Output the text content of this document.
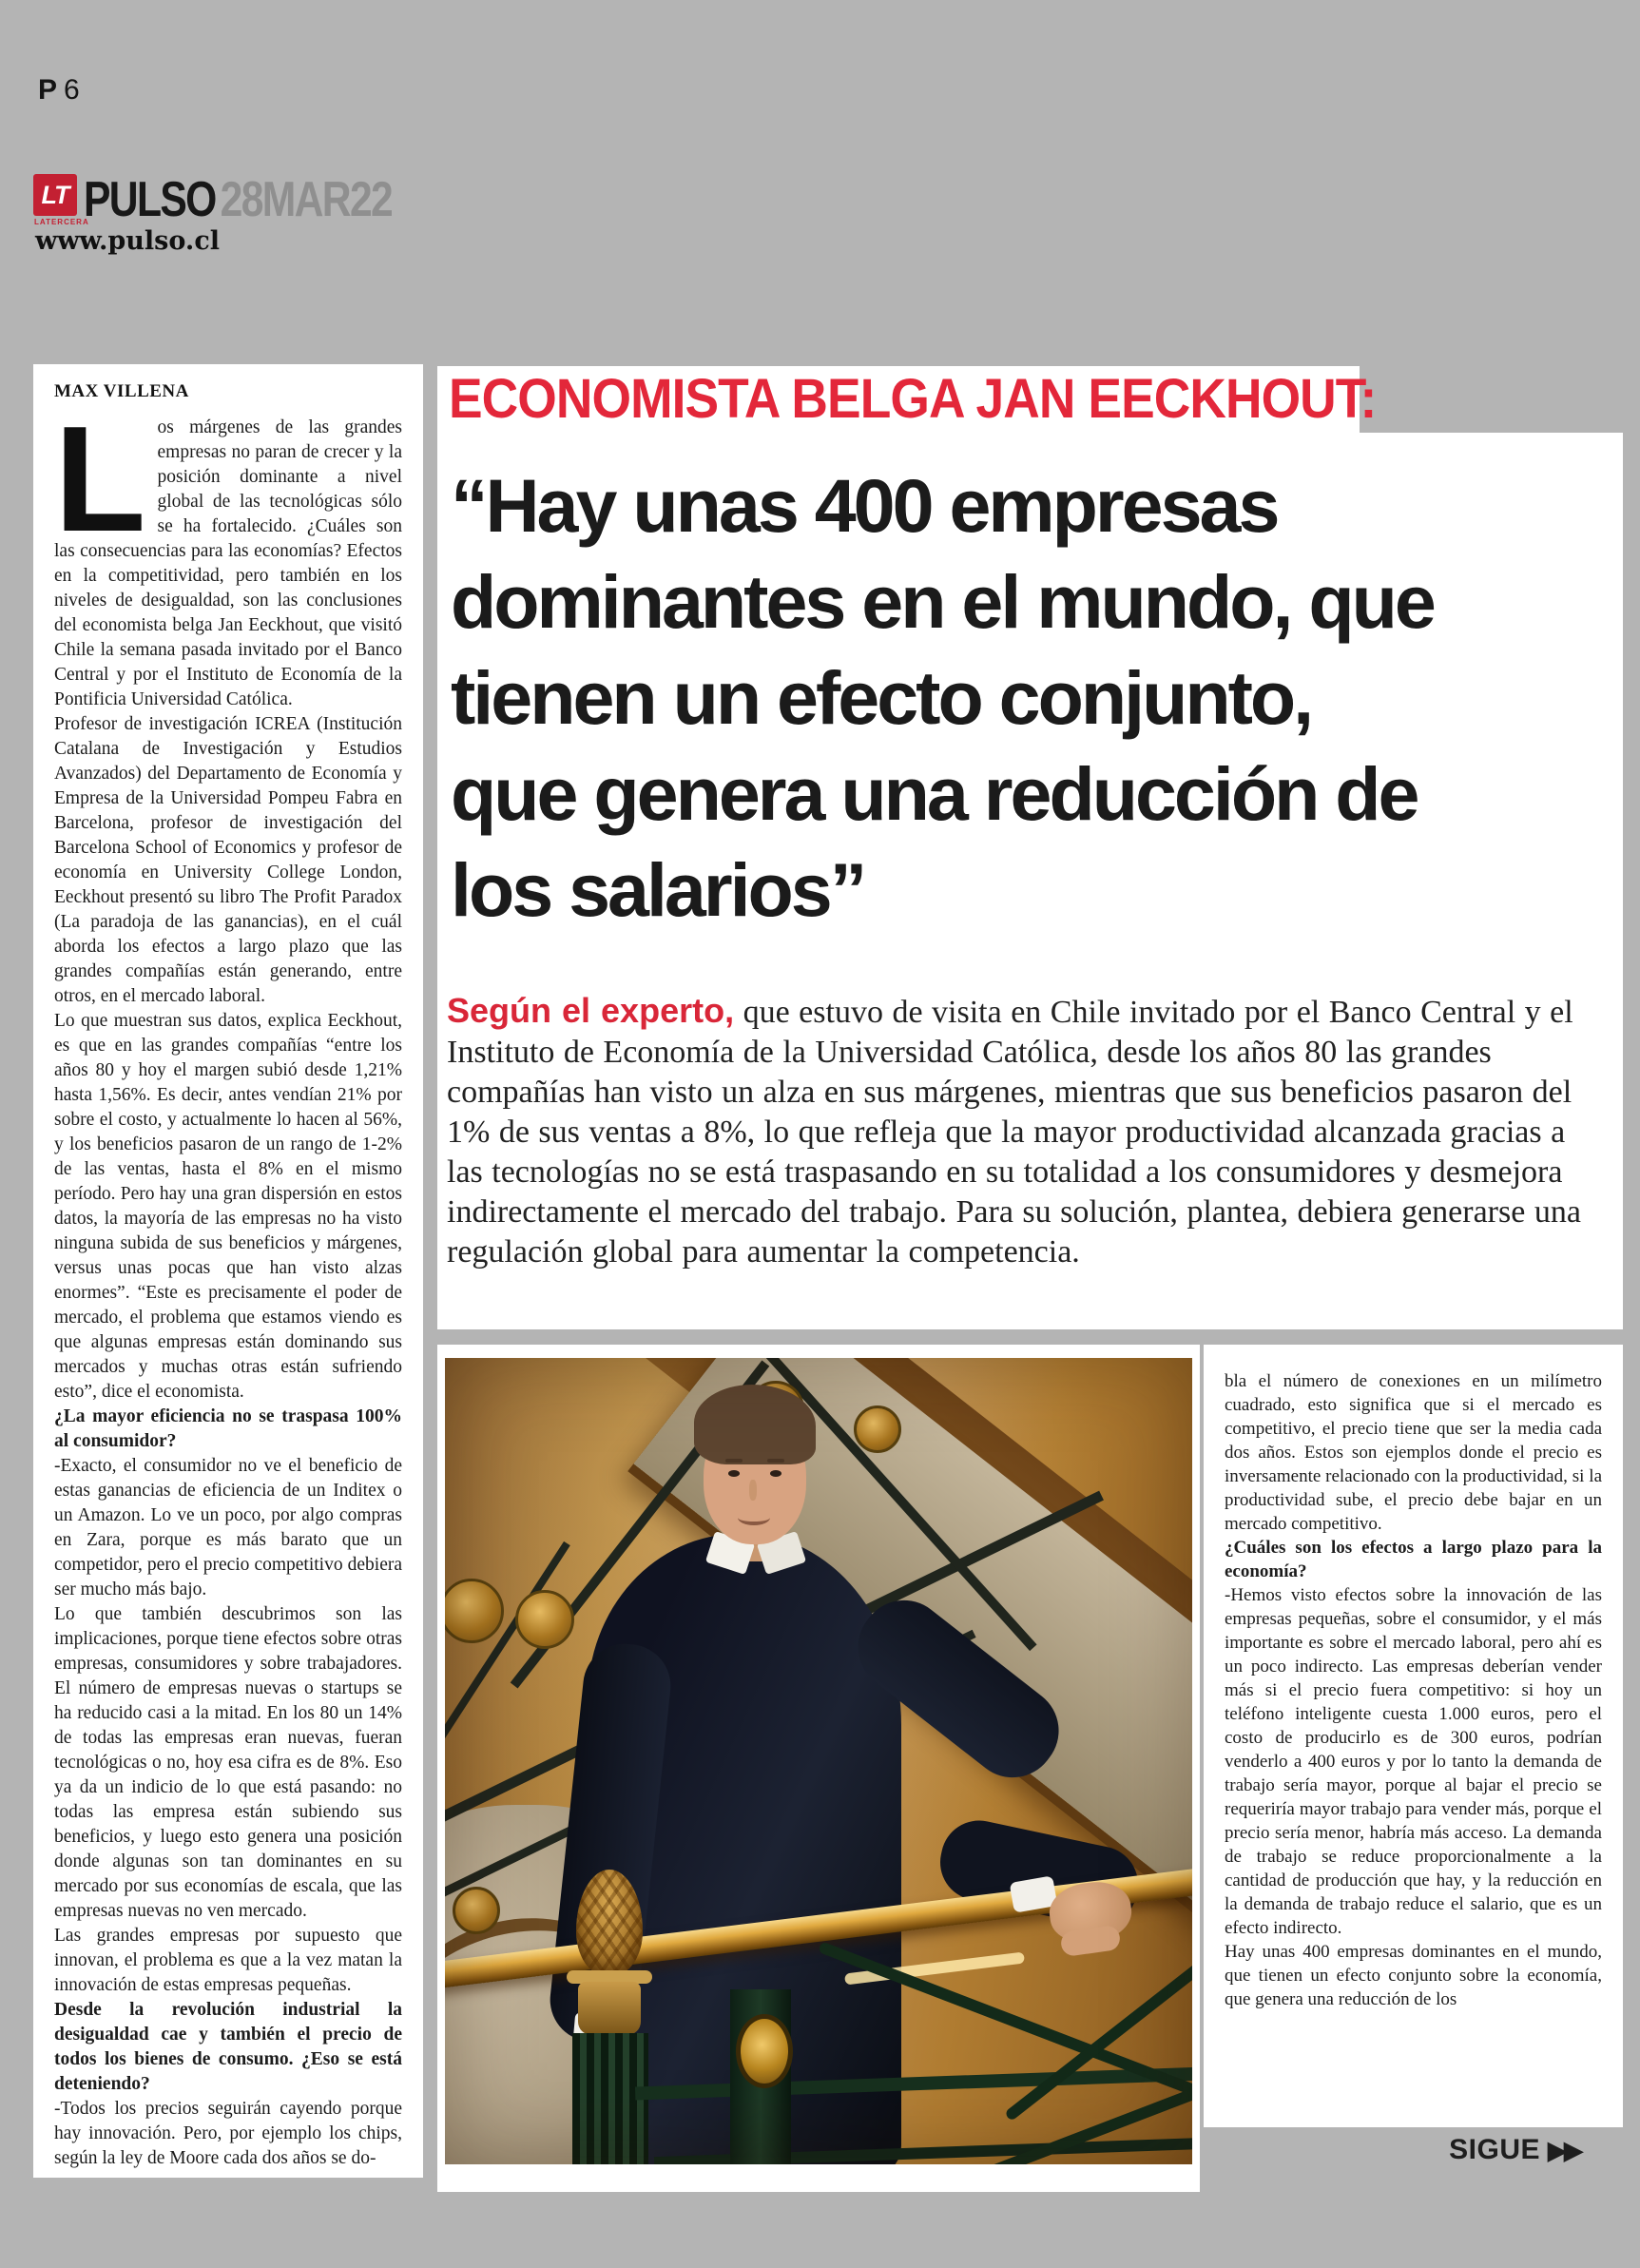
P 6
LT
LATERCERA
PULSO28MAR22
www.pulso.cl

MAX VILLENA

Los márgenes de las grandes empresas no paran de crecer y la posición dominante a nivel global de las tecnológicas sólo se ha fortalecido. ¿Cuáles son las consecuencias para las economías? Efectos en la competitividad, pero también en los niveles de desigualdad, son las conclusiones del economista belga Jan Eeckhout, que visitó Chile la semana pasada invitado por el Banco Central y por el Instituto de Economía de la Pontificia Universidad Católica.

Profesor de investigación ICREA (Institución Catalana de Investigación y Estudios Avanzados) del Departamento de Economía y Empresa de la Universidad Pompeu Fabra en Barcelona, profesor de investigación del Barcelona School of Economics y profesor de economía en University College London, Eeckhout presentó su libro The Profit Paradox (La paradoja de las ganancias), en el cuál aborda los efectos a largo plazo que las grandes compañías están generando, entre otros, en el mercado laboral.

Lo que muestran sus datos, explica Eeckhout, es que en las grandes compañías “entre los años 80 y hoy el margen subió desde 1,21% hasta 1,56%. Es decir, antes vendían 21% por sobre el costo, y actualmente lo hacen al 56%, y los beneficios pasaron de un rango de 1-2% de las ventas, hasta el 8% en el mismo período. Pero hay una gran dispersión en estos datos, la mayoría de las empresas no ha visto ninguna subida de sus beneficios y márgenes, versus unas pocas que han visto alzas enormes”. “Este es precisamente el poder de mercado, el problema que estamos viendo es que algunas empresas están dominando sus mercados y muchas otras están sufriendo esto”, dice el economista.

¿La mayor eficiencia no se traspasa 100% al consumidor?

-Exacto, el consumidor no ve el beneficio de estas ganancias de eficiencia de un Inditex o un Amazon. Lo ve un poco, por algo compras en Zara, porque es más barato que un competidor, pero el precio competitivo debiera ser mucho más bajo.

Lo que también descubrimos son las implicaciones, porque tiene efectos sobre otras empresas, consumidores y sobre trabajadores. El número de empresas nuevas o startups se ha reducido casi a la mitad. En los 80 un 14% de todas las empresas eran nuevas, fueran tecnológicas o no, hoy esa cifra es de 8%. Eso ya da un indicio de lo que está pasando: no todas las empresa están subiendo sus beneficios, y luego esto genera una posición donde algunas son tan dominantes en su mercado por sus economías de escala, que las empresas nuevas no ven mercado.

Las grandes empresas por supuesto que innovan, el problema es que a la vez matan la innovación de estas empresas pequeñas.

Desde la revolución industrial la desigualdad cae y también el precio de todos los bienes de consumo. ¿Eso se está deteniendo?

-Todos los precios seguirán cayendo porque hay innovación. Pero, por ejemplo los chips, según la ley de Moore cada dos años se do-

ECONOMISTA BELGA JAN EECKHOUT:
“Hay unas 400 empresas
dominantes en el mundo, que
tienen un efecto conjunto,
que genera una reducción de
los salarios”
Según el experto, que estuvo de visita en Chile invitado por el Banco Central y el Instituto de Economía de la Universidad Católica, desde los años 80 las grandes compañías han visto un alza en sus márgenes, mientras que sus beneficios pasaron del 1% de sus ventas a 8%, lo que refleja que la mayor productividad alcanzada gracias a las tecnologías no se está traspasando en su totalidad a los consumidores y desmejora indirectamente el mercado del trabajo. Para su solución, plantea, debiera generarse una regulación global para aumentar la competencia.

bla el número de conexiones en un milímetro cuadrado, esto significa que si el mercado es competitivo, el precio tiene que ser la media cada dos años. Estos son ejemplos donde el precio es inversamente relacionado con la productividad, si la productividad sube, el precio debe bajar en un mercado competitivo.

¿Cuáles son los efectos a largo plazo para la economía?

-Hemos visto efectos sobre la innovación de las empresas pequeñas, sobre el consumidor, y el más importante es sobre el mercado laboral, pero ahí es un poco indirecto. Las empresas deberían vender más si el precio fuera competitivo: si hoy un teléfono inteligente cuesta 1.000 euros, pero el costo de producirlo es de 300 euros, podrían venderlo a 400 euros y por lo tanto la demanda de trabajo sería mayor, porque al bajar el precio se requeriría mayor trabajo para vender más, porque el precio sería menor, habría más acceso. La demanda de trabajo se reduce proporcionalmente a la cantidad de producción que hay, y la reducción en la demanda de trabajo reduce el salario, que es un efecto indirecto.

Hay unas 400 empresas dominantes en el mundo, que tienen un efecto conjunto sobre la economía, que genera una reducción de los

SIGUE ▶▶
